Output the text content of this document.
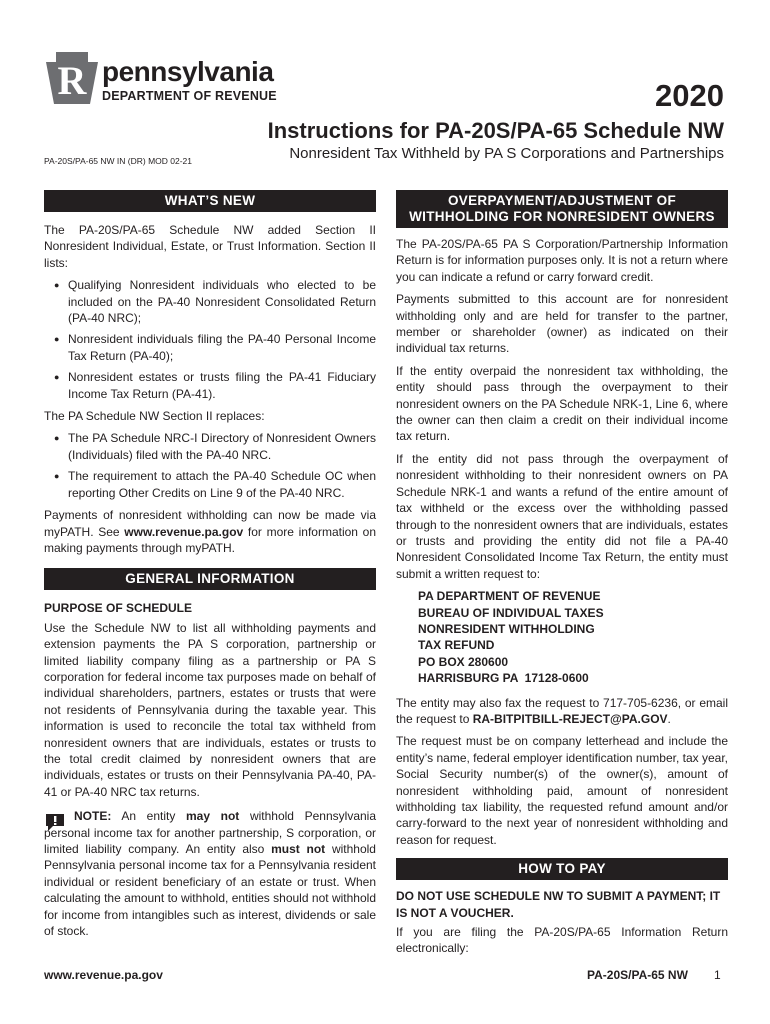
R pennsylvania
DEPARTMENT OF REVENUE	2020
Instructions for PA-20S/PA-65 Schedule NW
PA-20S/PA-65 NW IN (DR) MOD 02-21	Nonresident Tax Withheld by PA S Corporations and Partnerships
WHAT’S NEW

The PA-20S/PA-65 Schedule NW added Section II Nonresident Individual, Estate, or Trust Information. Section II lists:

● Qualifying Nonresident individuals who elected to be included on the PA-40 Nonresident Consolidated Return (PA-40 NRC);
● Nonresident individuals filing the PA-40 Personal Income Tax Return (PA-40);
● Nonresident estates or trusts filing the PA-41 Fiduciary Income Tax Return (PA-41).

The PA Schedule NW Section II replaces:

● The PA Schedule NRC-I Directory of Nonresident Owners (Individuals) filed with the PA-40 NRC.
● The requirement to attach the PA-40 Schedule OC when reporting Other Credits on Line 9 of the PA-40 NRC.

Payments of nonresident withholding can now be made via myPATH. See www.revenue.pa.gov for more information on making payments through myPATH.

GENERAL INFORMATION
PURPOSE OF SCHEDULE

Use the Schedule NW to list all withholding payments and extension payments the PA S corporation, partnership or limited liability company filing as a partnership or PA S corporation for federal income tax purposes made on behalf of individual shareholders, partners, estates or trusts that were not residents of Pennsylvania during the taxable year. This information is used to reconcile the total tax withheld from nonresident owners that are individuals, estates or trusts to the total credit claimed by nonresident owners that are individuals, estates or trusts on their Pennsylvania PA-40, PA-41 or PA-40 NRC tax returns.

NOTE: An entity may not withhold Pennsylvania personal income tax for another partnership, S corporation, or limited liability company. An entity also must not withhold Pennsylvania personal income tax for a Pennsylvania resident individual or resident beneficiary of an estate or trust. When calculating the amount to withhold, entities should not withhold for income from intangibles such as interest, dividends or sale of stock.

OVERPAYMENT/ADJUSTMENT OF WITHHOLDING FOR NONRESIDENT OWNERS

The PA-20S/PA-65 PA S Corporation/Partnership Information Return is for information purposes only. It is not a return where you can indicate a refund or carry forward credit.

Payments submitted to this account are for nonresident withholding only and are held for transfer to the partner, member or shareholder (owner) as indicated on their individual tax returns.

If the entity overpaid the nonresident tax withholding, the entity should pass through the overpayment to their nonresident owners on the PA Schedule NRK-1, Line 6, where the owner can then claim a credit on their individual income tax return.

If the entity did not pass through the overpayment of nonresident withholding to their nonresident owners on PA Schedule NRK-1 and wants a refund of the entire amount of tax withheld or the excess over the withholding passed through to the nonresident owners that are individuals, estates or trusts and providing the entity did not file a PA-40 Nonresident Consolidated Income Tax Return, the entity must submit a written request to:

PA DEPARTMENT OF REVENUE
BUREAU OF INDIVIDUAL TAXES
NONRESIDENT WITHHOLDING
TAX REFUND
PO BOX 280600
HARRISBURG PA  17128-0600

The entity may also fax the request to 717-705-6236, or email the request to RA-BITPITBILL-REJECT@PA.GOV.

The request must be on company letterhead and include the entity’s name, federal employer identification number, tax year, Social Security number(s) of the owner(s), amount of nonresident withholding paid, amount of nonresident withholding tax liability, the requested refund amount and/or carry-forward to the next year of nonresident withholding and reason for request.

HOW TO PAY
DO NOT USE SCHEDULE NW TO SUBMIT A PAYMENT; IT IS NOT A VOUCHER.

If you are filing the PA-20S/PA-65 Information Return electronically:

www.revenue.pa.gov	PA-20S/PA-65 NW 1
